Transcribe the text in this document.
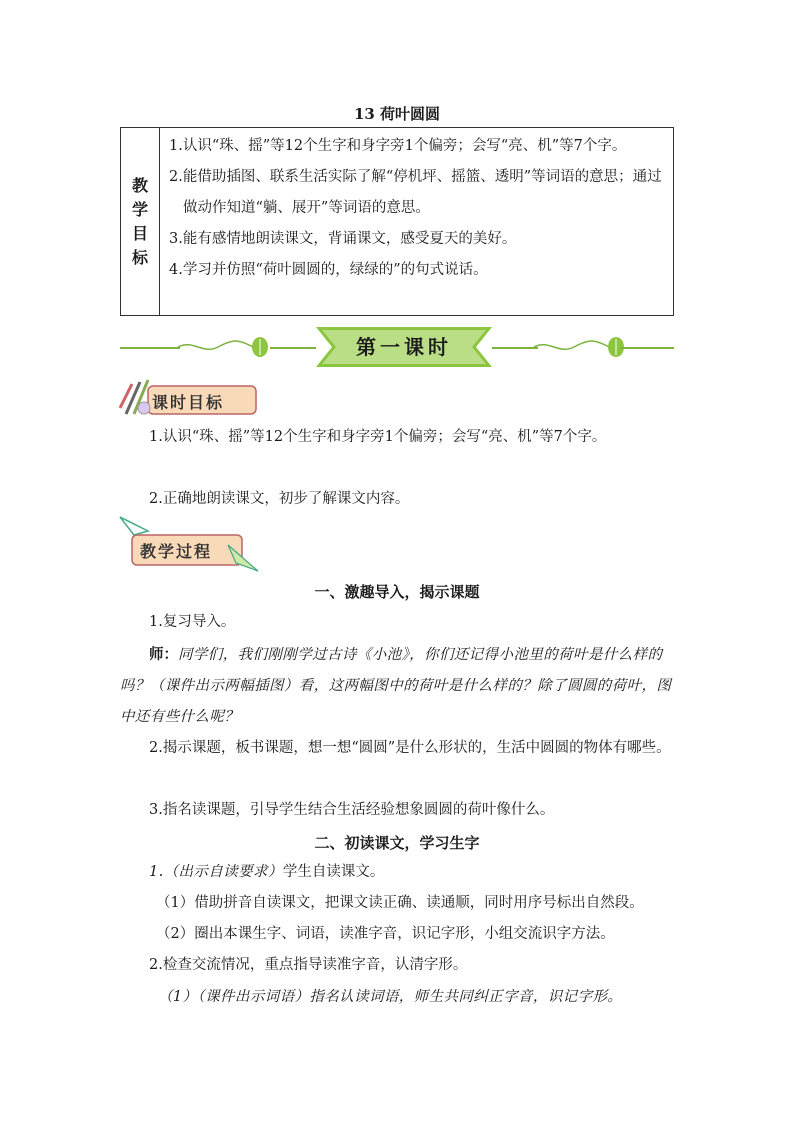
13 荷叶圆圆
教学目标
1.认识“珠、摇”等12个生字和身字旁1个偏旁；会写“亮、机”等7个字。
2.能借助插图、联系生活实际了解“停机坪、摇篮、透明”等词语的意思；通过做动作知道“躺、展开”等词语的意思。
3.能有感情地朗读课文，背诵课文，感受夏天的美好。
4.学习并仿照“荷叶圆圆的，绿绿的”的句式说话。
第一课时
课时目标
1.认识“珠、摇”等12个生字和身字旁1个偏旁；会写“亮、机”等7个字。
2.正确地朗读课文，初步了解课文内容。
教学过程
一、激趣导入，揭示课题
1.复习导入。
师：同学们，我们刚刚学过古诗《小池》，你们还记得小池里的荷叶是什么样的吗？（课件出示两幅插图）看，这两幅图中的荷叶是什么样的？除了圆圆的荷叶，图中还有些什么呢？
2.揭示课题，板书课题，想一想“圆圆”是什么形状的，生活中圆圆的物体有哪些。
3.指名读课题，引导学生结合生活经验想象圆圆的荷叶像什么。
二、初读课文，学习生字
1.（出示自读要求）学生自读课文。
（1）借助拼音自读课文，把课文读正确、读通顺，同时用序号标出自然段。
（2）圈出本课生字、词语，读准字音，识记字形，小组交流识字方法。
2.检查交流情况，重点指导读准字音，认清字形。
（1）（课件出示词语）指名认读词语，师生共同纠正字音，识记字形。
